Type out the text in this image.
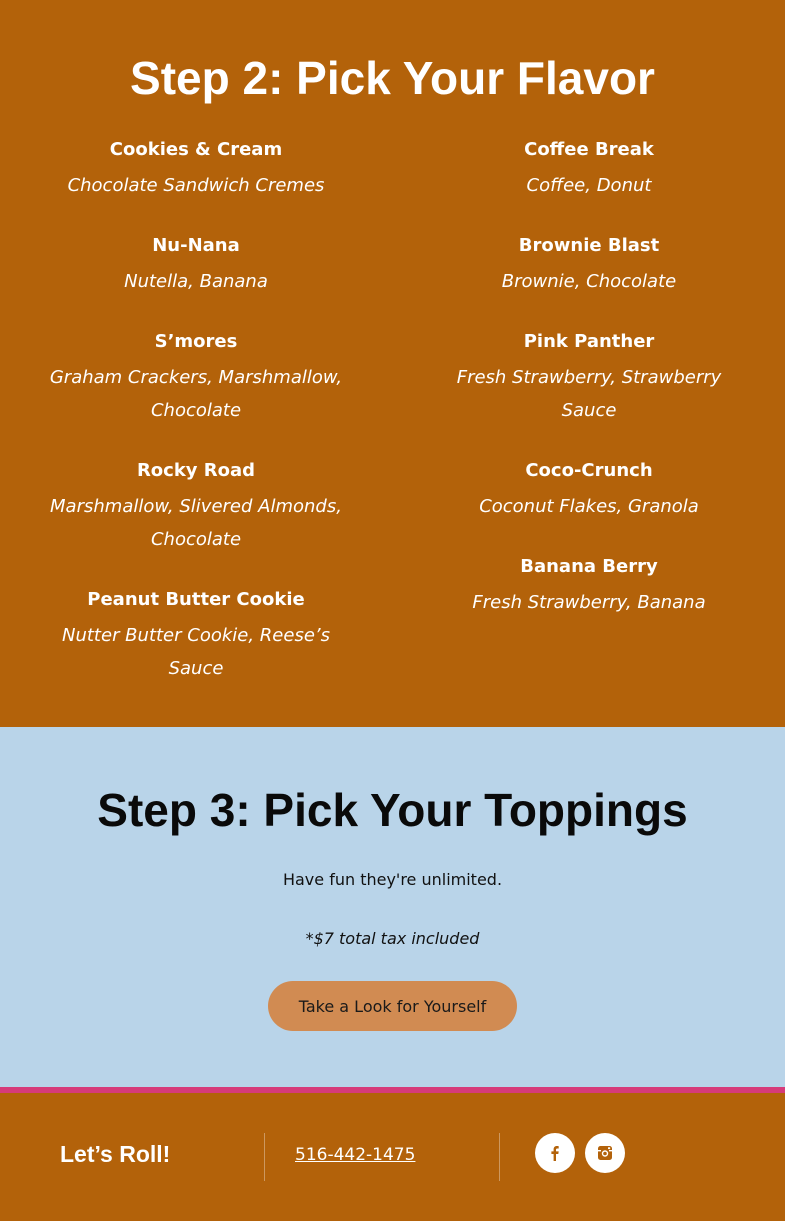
Step 2: Pick Your Flavor
Cookies & Cream
Chocolate Sandwich Cremes
Nu-Nana
Nutella, Banana
S’mores
Graham Crackers, Marshmallow, Chocolate
Rocky Road
Marshmallow, Slivered Almonds, Chocolate
Peanut Butter Cookie
Nutter Butter Cookie, Reese’s Sauce
Coffee Break
Coffee, Donut
Brownie Blast
Brownie, Chocolate
Pink Panther
Fresh Strawberry, Strawberry Sauce
Coco-Crunch
Coconut Flakes, Granola
Banana Berry
Fresh Strawberry, Banana
Step 3: Pick Your Toppings
Have fun they're unlimited.
*$7 total tax included
Take a Look for Yourself
Let’s Roll!	516-442-1475
